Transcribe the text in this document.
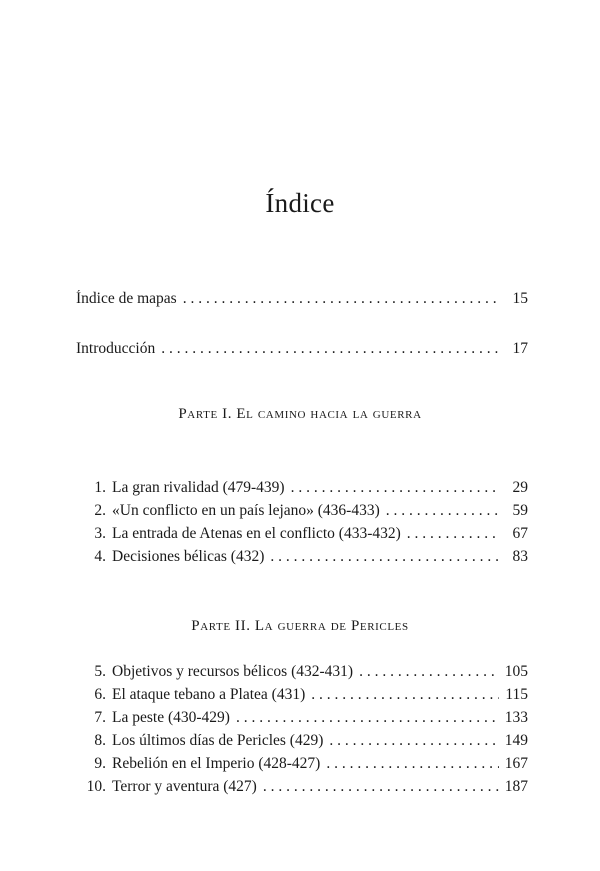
Índice
Índice de mapas . . .	15
Introducción . . .	17
Parte I. El camino hacia la guerra
1. La gran rivalidad (479-439) . . .	29
2. «Un conflicto en un país lejano» (436-433) . . .	59
3. La entrada de Atenas en el conflicto (433-432) . . .	67
4. Decisiones bélicas (432) . . .	83
Parte II. La guerra de Pericles
5. Objetivos y recursos bélicos (432-431) . . .	105
6. El ataque tebano a Platea (431) . . .	115
7. La peste (430-429) . . .	133
8. Los últimos días de Pericles (429) . . .	149
9. Rebelión en el Imperio (428-427) . . .	167
10. Terror y aventura (427) . . .	187
